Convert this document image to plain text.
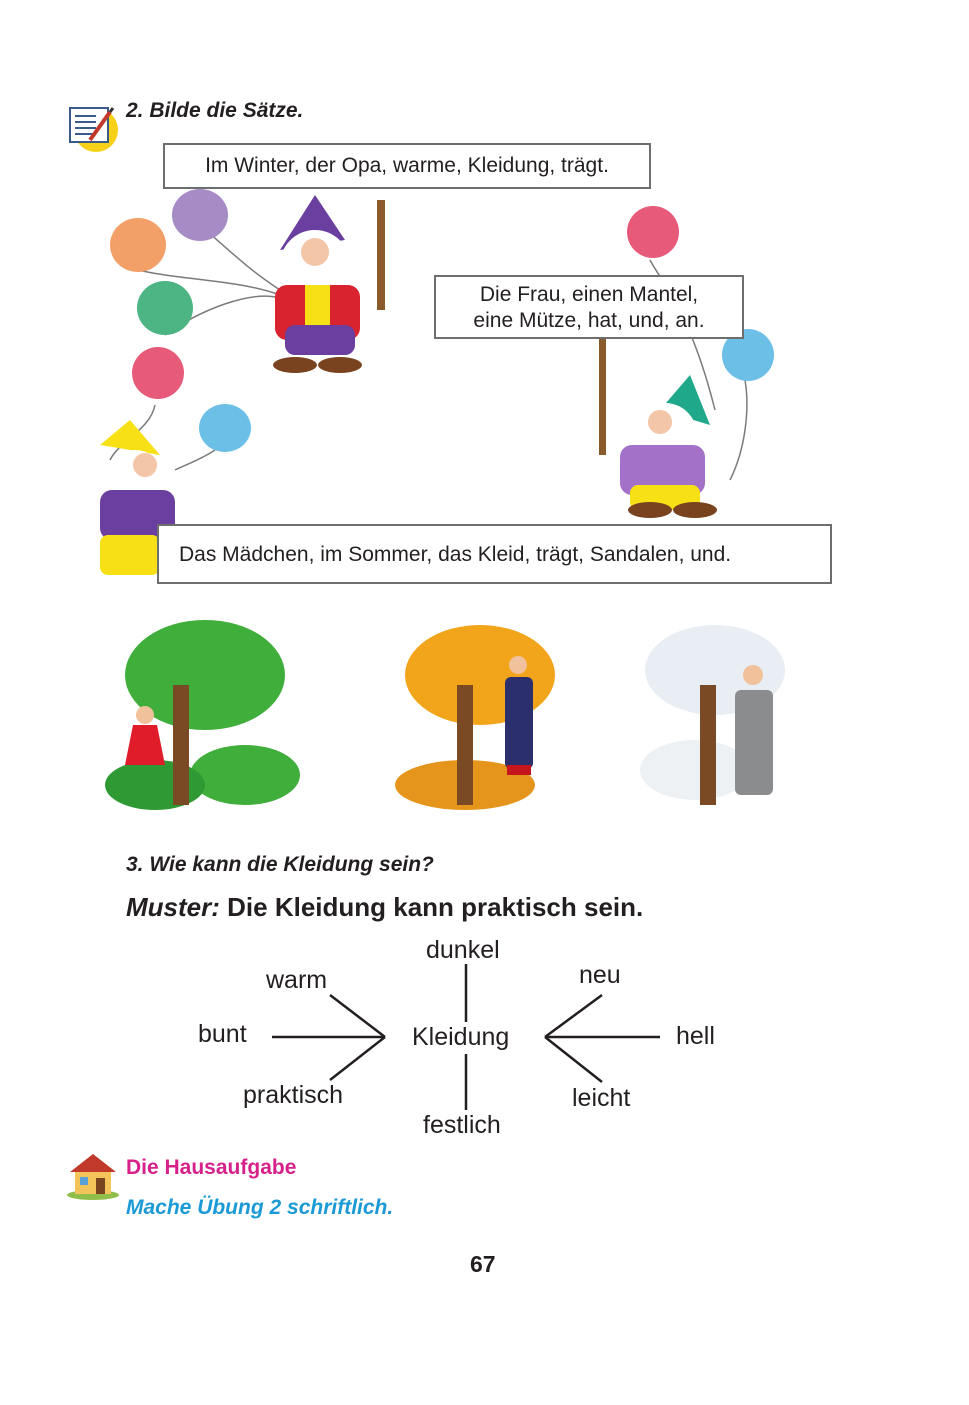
2. Bilde die Sätze.
Im Winter, der Opa, warme, Kleidung, trägt.
Die Frau, einen Mantel,
eine Mütze, hat, und, an.
Das Mädchen, im Sommer, das Kleid, trägt, Sandalen, und.
3. Wie kann die Kleidung sein?
Muster: Die Kleidung kann praktisch sein.
dunkel
warm	neu
bunt	Kleidung	hell
praktisch	leicht
festlich
Die Hausaufgabe
Mache Übung 2 schriftlich.
67
